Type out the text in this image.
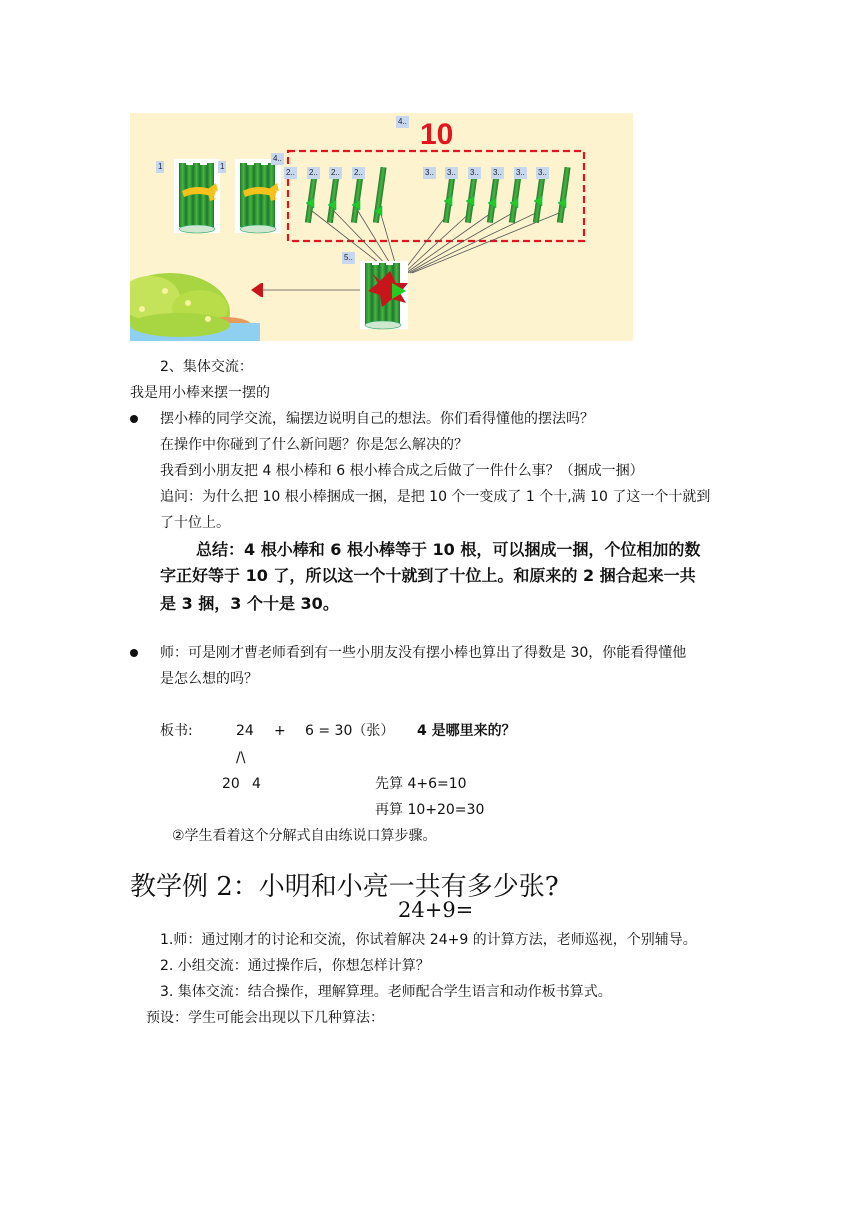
10
1	1
4..
4..
2.. 2.. 2.. 2..	3.. 3.. 3.. 3.. 3.. 3..
5..
2、集体交流：
我是用小棒来摆一摆的
摆小棒的同学交流，编摆边说明自己的想法。你们看得懂他的摆法吗？
在操作中你碰到了什么新问题？你是怎么解决的？
我看到小朋友把 4 根小棒和 6 根小棒合成之后做了一件什么事？（捆成一捆）
追问：为什么把 10 根小棒捆成一捆，是把 10 个一变成了 1 个十,满 10 了这一个十就到
了十位上。
总结：4 根小棒和 6 根小棒等于 10 根，可以捆成一捆，个位相加的数
字正好等于 10 了，所以这一个十就到了十位上。和原来的 2 捆合起来一共
是 3 捆，3 个十是 30。
师：可是刚才曹老师看到有一些小朋友没有摆小棒也算出了得数是 30，你能看得懂他
是怎么想的吗？
板书:	24 + 6 = 30（张） 4 是哪里来的？
/\
20 4	先算 4+6=10
再算 10+20=30
②学生看着这个分解式自由练说口算步骤。
教学例 2：小明和小亮一共有多少张?
24+9=
1.师：通过刚才的讨论和交流，你试着解决 24+9 的计算方法，老师巡视，个别辅导。
2. 小组交流：通过操作后，你想怎样计算？
3. 集体交流：结合操作，理解算理。老师配合学生语言和动作板书算式。
预设：学生可能会出现以下几种算法：
